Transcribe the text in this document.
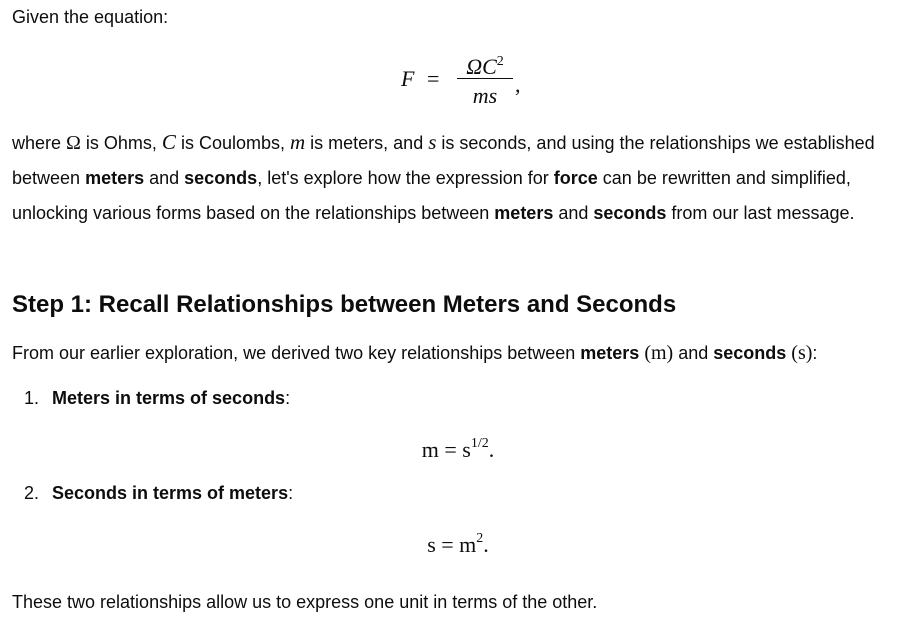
Given the equation:

F =	$\Omega C^2$
ms ,

where Ω is Ohms, C is Coulombs, m is meters, and s is seconds, and using the relationships we established between meters and seconds, let's explore how the expression for force can be rewritten and simplified, unlocking various forms based on the relationships between meters and seconds from our last message.

Step 1: Recall Relationships between Meters and Seconds

From our earlier exploration, we derived two key relationships between meters (m) and seconds (s):

1. Meters in terms of seconds:
$m = s^{1/2}$.
2. Seconds in terms of meters:
$s = m^2$.

These two relationships allow us to express one unit in terms of the other.
